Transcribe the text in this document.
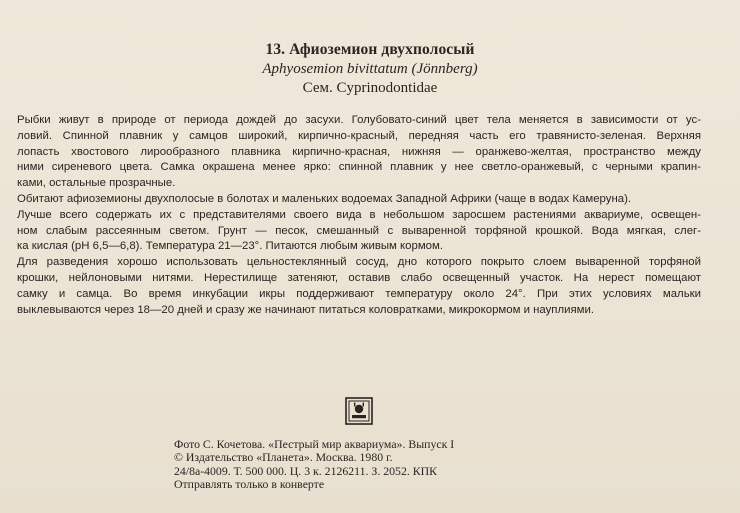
13. Афиоземион двухполосый
Aphyosemion bivittatum (Jönnberg)
Сем. Cyprinodontidae
Рыбки живут в природе от периода дождей до засухи. Голубовато-синий цвет тела меняется в зависимости от ус-
ловий. Спинной плавник у самцов широкий, кирпично-красный, передняя часть его травянисто-зеленая. Верхняя
лопасть хвостового лирообразного плавника кирпично-красная, нижняя — оранжево-желтая, пространство между
ними сиреневого цвета. Самка окрашена менее ярко: спинной плавник у нее светло-оранжевый, с черными крапин-
ками, остальные прозрачные.
Обитают афиоземионы двухполосые в болотах и маленьких водоемах Западной Африки (чаще в водах Камеруна).
Лучше всего содержать их с представителями своего вида в небольшом заросшем растениями аквариуме, освещен-
ном слабым рассеянным светом. Грунт — песок, смешанный с вываренной торфяной крошкой. Вода мягкая, слег-
ка кислая (pH 6,5—6,8). Температура 21—23°. Питаются любым живым кормом.
Для разведения хорошо использовать цельностеклянный сосуд, дно которого покрыто слоем вываренной торфяной
крошки, нейлоновыми нитями. Нерестилище затеняют, оставив слабо освещенный участок. На нерест помещают
самку и самца. Во время инкубации икры поддерживают температуру около 24°. При этих условиях мальки
выклевываются через 18—20 дней и сразу же начинают питаться коловратками, микрокормом и науплиями.
Фото С. Кочетова. «Пестрый мир аквариума». Выпуск I
© Издательство «Планета». Москва. 1980 г.
24/8а-4009. Т. 500 000. Ц. 3 к. 2126211. З. 2052. КПК
Отправлять только в конверте
